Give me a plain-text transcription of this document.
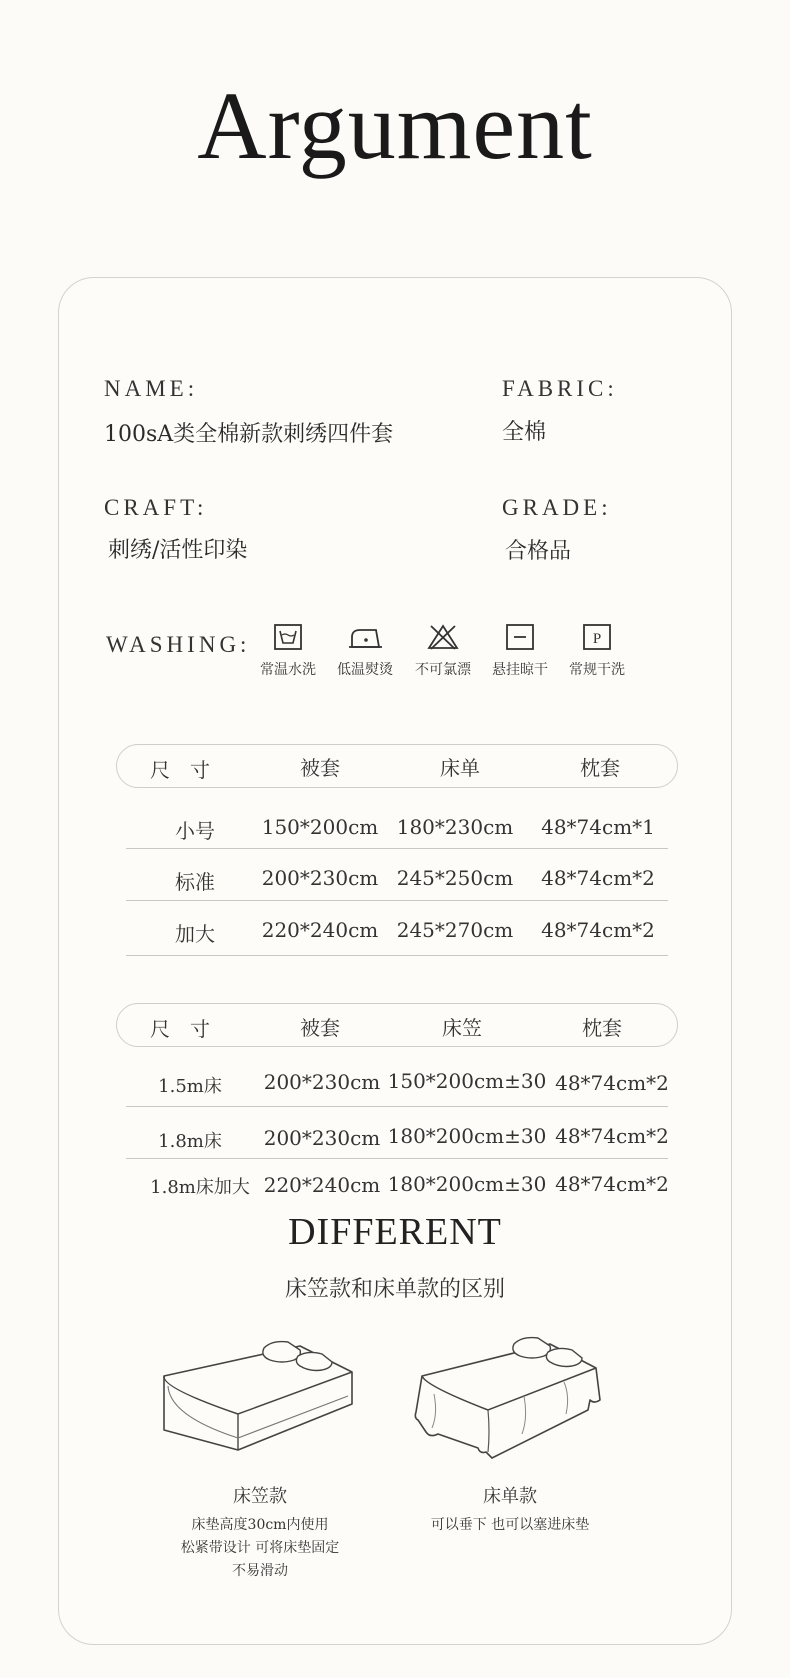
Argument
NAME:
100sA类全棉新款刺绣四件套
FABRIC:
全棉
CRAFT:
刺绣/活性印染
GRADE:
合格品
WASHING:
常温水洗	低温熨烫	不可氯漂	悬挂晾干
P
常规干洗
尺　寸	被套	床单	枕套
小号	150*200cm 180*230cm	48*74cm*1
标准	200*230cm 245*250cm	48*74cm*2
加大	220*240cm 245*270cm	48*74cm*2
尺　寸	被套	床笠	枕套
1.5m床	200*230cm 150*200cm±30 48*74cm*2
1.8m床	200*230cm 180*200cm±30 48*74cm*2
1.8m床加大 220*240cm 180*200cm±30 48*74cm*2
DIFFERENT
床笠款和床单款的区别
床笠款
床垫高度30cm内使用
松紧带设计 可将床垫固定
不易滑动
床单款
可以垂下 也可以塞进床垫
